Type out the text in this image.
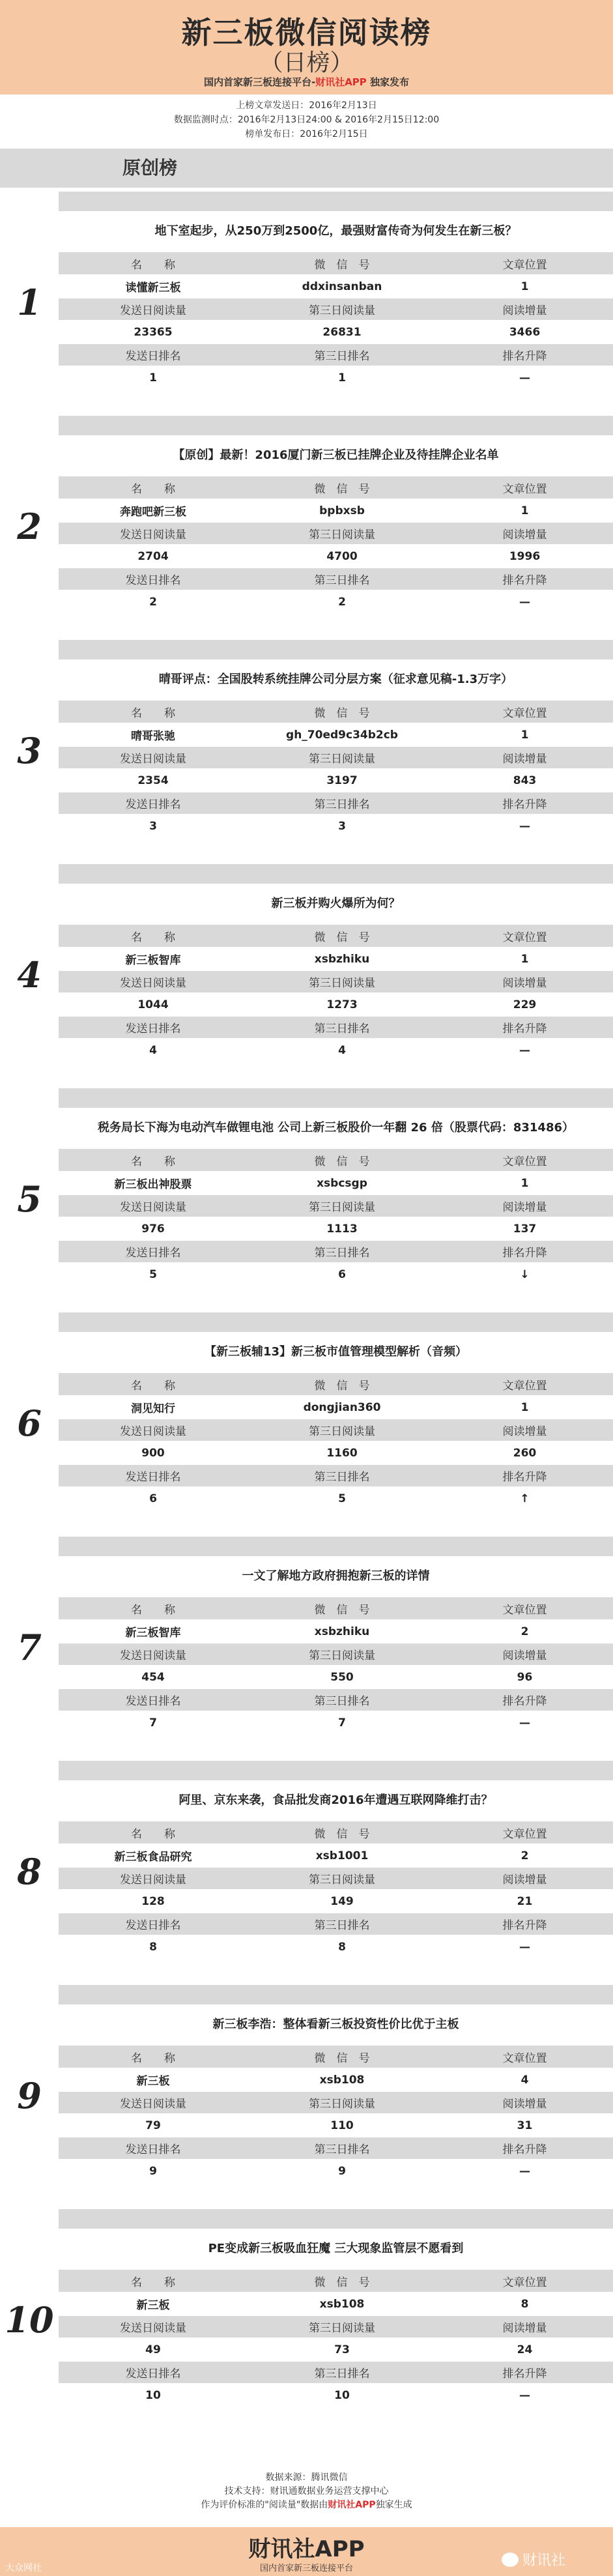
新三板微信阅读榜
（日榜）
国内首家新三板连接平台-财讯社APP 独家发布
上榜文章发送日：2016年2月13日
数据监测时点：2016年2月13日24:00 & 2016年2月15日12:00
榜单发布日：2016年2月15日
原创榜
地下室起步，从250万到2500亿，最强财富传奇为何发生在新三板？
1
名　　称	微　信　号	文章位置
读懂新三板	ddxinsanban	1
发送日阅读量	第三日阅读量	阅读增量
23365	26831	3466
发送日排名	第三日排名	排名升降
1	1	—
【原创】最新！2016厦门新三板已挂牌企业及待挂牌企业名单
2
名　　称	微　信　号	文章位置
奔跑吧新三板	bpbxsb	1
发送日阅读量	第三日阅读量	阅读增量
2704	4700	1996
发送日排名	第三日排名	排名升降
2	2	—
晴哥评点：全国股转系统挂牌公司分层方案（征求意见稿-1.3万字）
3
名　　称	微　信　号	文章位置
晴哥张驰	gh_70ed9c34b2cb	1
发送日阅读量	第三日阅读量	阅读增量
2354	3197	843
发送日排名	第三日排名	排名升降
3	3	—
新三板并购火爆所为何？
4
名　　称	微　信　号	文章位置
新三板智库	xsbzhiku	1
发送日阅读量	第三日阅读量	阅读增量
1044	1273	229
发送日排名	第三日排名	排名升降
4	4	—
税务局长下海为电动汽车做锂电池 公司上新三板股价一年翻 26 倍（股票代码：831486）
5
名　　称	微　信　号	文章位置
新三板出神股票	xsbcsgp	1
发送日阅读量	第三日阅读量	阅读增量
976	1113	137
发送日排名	第三日排名	排名升降
5	6	↓
【新三板辅13】新三板市值管理模型解析（音频）
6
名　　称	微　信　号	文章位置
洞见知行	dongjian360	1
发送日阅读量	第三日阅读量	阅读增量
900	1160	260
发送日排名	第三日排名	排名升降
6	5	↑
一文了解地方政府拥抱新三板的详情
7
名　　称	微　信　号	文章位置
新三板智库	xsbzhiku	2
发送日阅读量	第三日阅读量	阅读增量
454	550	96
发送日排名	第三日排名	排名升降
7	7	—
阿里、京东来袭，食品批发商2016年遭遇互联网降维打击？
8
名　　称	微　信　号	文章位置
新三板食品研究	xsb1001	2
发送日阅读量	第三日阅读量	阅读增量
128	149	21
发送日排名	第三日排名	排名升降
8	8	—
新三板李浩：整体看新三板投资性价比优于主板
9
名　　称	微　信　号	文章位置
新三板	xsb108	4
发送日阅读量	第三日阅读量	阅读增量
79	110	31
发送日排名	第三日排名	排名升降
9	9	—
PE变成新三板吸血狂魔 三大现象监管层不愿看到
10
名　　称	微　信　号	文章位置
新三板	xsb108	8
发送日阅读量	第三日阅读量	阅读增量
49	73	24
发送日排名	第三日排名	排名升降
10	10	—
数据来源：腾讯微信
技术支持：财讯通数据业务运营支撑中心
作为评价标准的"阅读量"数据由财讯社APP独家生成
财讯社APP
国内首家新三板连接平台
大众网社	财讯社
